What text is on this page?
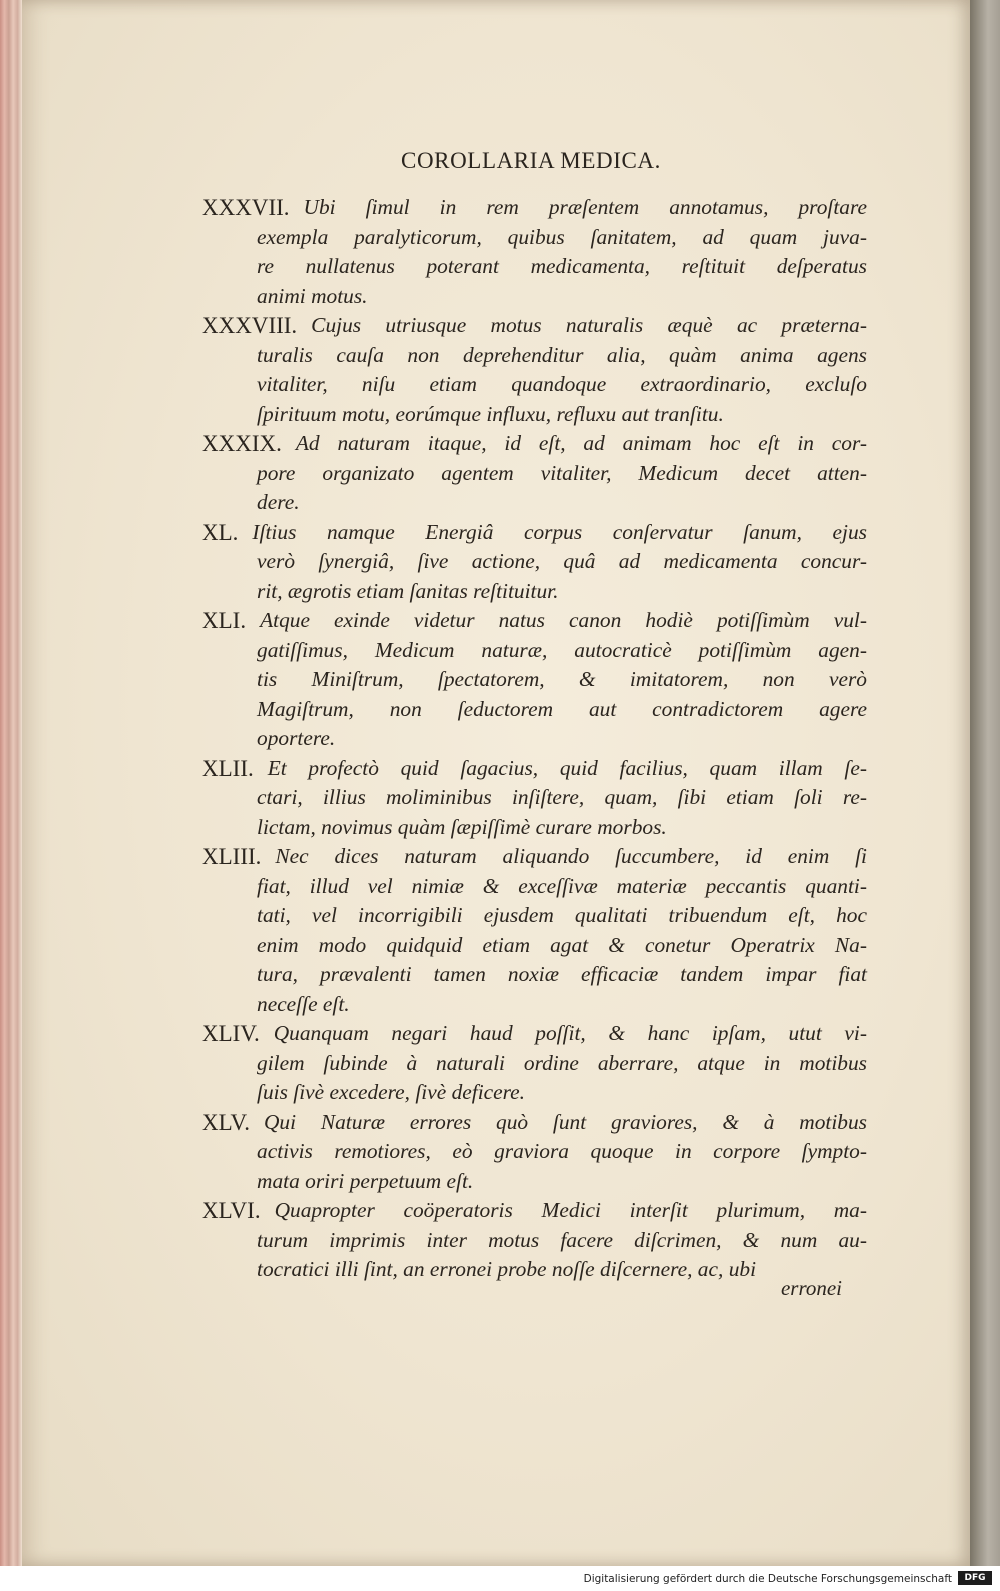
COROLLARIA MEDICA.
XXXVII. Ubi ſimul in rem præſentem annotamus, proſtare
exempla paralyticorum, quibus ſanitatem, ad quam juva-
re nullatenus poterant medicamenta, reſtituit deſperatus
animi motus.
XXXVIII. Cujus utriusque motus naturalis æquè ac præterna-
turalis cauſa non deprehenditur alia, quàm anima agens
vitaliter, niſu etiam quandoque extraordinario, excluſo
ſpirituum motu, eorúmque influxu, refluxu aut tranſitu.
XXXIX. Ad naturam itaque, id eſt, ad animam hoc eſt in cor-
pore organizato agentem vitaliter, Medicum decet atten-
dere.
XL. Iſtius namque Energiâ corpus conſervatur ſanum, ejus
verò ſynergiâ, ſive actione, quâ ad medicamenta concur-
rit, ægrotis etiam ſanitas reſtituitur.
XLI. Atque exinde videtur natus canon hodiè potiſſimùm vul-
gatiſſimus, Medicum naturæ, autocraticè potiſſimùm agen-
tis Miniſtrum, ſpectatorem, & imitatorem, non verò
Magiſtrum, non ſeductorem aut contradictorem agere
oportere.
XLII. Et profectò quid ſagacius, quid facilius, quam illam ſe-
ctari, illius moliminibus inſiſtere, quam, ſibi etiam ſoli re-
lictam, novimus quàm ſæpiſſimè curare morbos.
XLIII. Nec dices naturam aliquando ſuccumbere, id enim ſi
fiat, illud vel nimiæ & exceſſivæ materiæ peccantis quanti-
tati, vel incorrigibili ejusdem qualitati tribuendum eſt, hoc
enim modo quidquid etiam agat & conetur Operatrix Na-
tura, prævalenti tamen noxiæ efficaciæ tandem impar fiat
neceſſe eſt.
XLIV. Quanquam negari haud poſſit, & hanc ipſam, utut vi-
gilem ſubinde à naturali ordine aberrare, atque in motibus
ſuis ſivè excedere, ſivè deficere.
XLV. Qui Naturæ errores quò ſunt graviores, & à motibus
activis remotiores, eò graviora quoque in corpore ſympto-
mata oriri perpetuum eſt.
XLVI. Quapropter coöperatoris Medici interſit plurimum, ma-
turum imprimis inter motus facere diſcrimen, & num au-
tocratici illi ſint, an erronei probe noſſe diſcernere, ac, ubi
erronei
Digitalisierung gefördert durch die Deutsche Forschungsgemeinschaft	DFG
